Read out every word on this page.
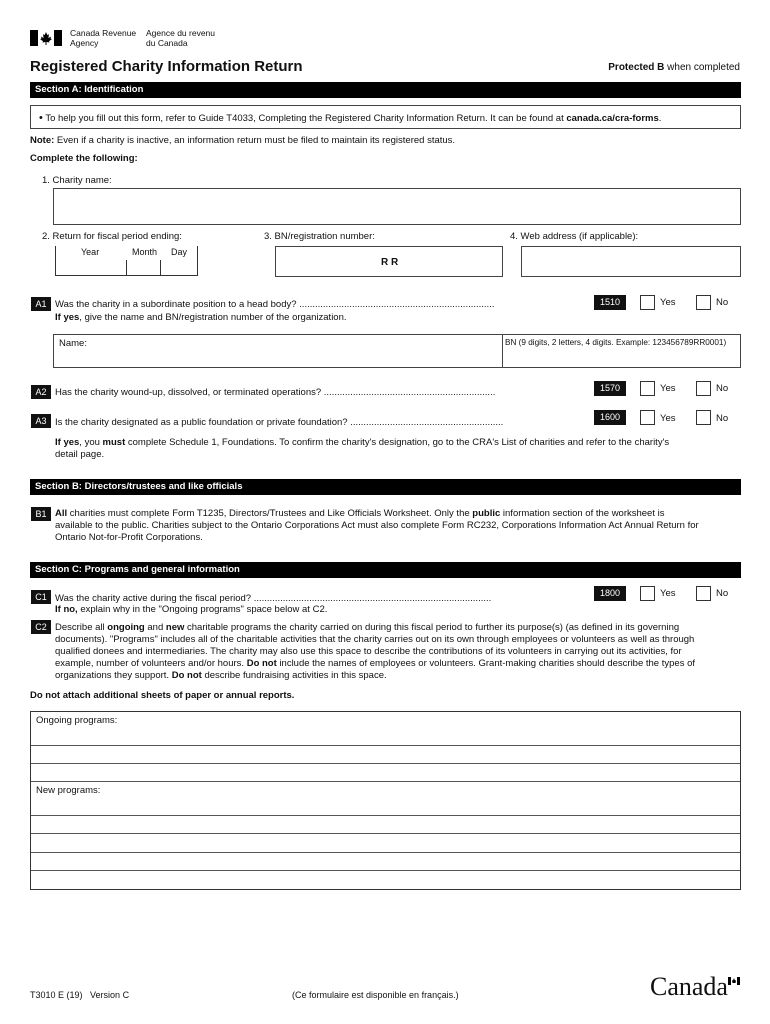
Canada Revenue
Agency
Agence du revenu
du Canada
Registered Charity Information Return	Protected B when completed
Section A: Identification
• To help you fill out this form, refer to Guide T4033, Completing the Registered Charity Information Return. It can be found at canada.ca/cra-forms.
Note: Even if a charity is inactive, an information return must be filed to maintain its registered status.
Complete the following:
1. Charity name:
2. Return for fiscal period ending:
Year	Month Day
3. BN/registration number:
R R
4. Web address (if applicable):
A1 Was the charity in a subordinate position to a head body? ..........................................................................	1510	Yes	No
If yes, give the name and BN/registration number of the organization.
Name:	BN (9 digits, 2 letters, 4 digits. Example: 123456789RR0001)
A2 Has the charity wound-up, dissolved, or terminated operations? .................................................................	1570	Yes	No
A3 Is the charity designated as a public foundation or private foundation? ..........................................................	1600	Yes	No
If yes, you must complete Schedule 1, Foundations. To confirm the charity's designation, go to the CRA's List of charities and refer to the charity's
detail page.
Section B: Directors/trustees and like officials
B1 All charities must complete Form T1235, Directors/Trustees and Like Officials Worksheet. Only the public information section of the worksheet is
available to the public. Charities subject to the Ontario Corporations Act must also complete Form RC232, Corporations Information Act Annual Return for
Ontario Not-for-Profit Corporations.
Section C: Programs and general information
C1 Was the charity active during the fiscal period? ..........................................................................................	1800	Yes	No
If no, explain why in the "Ongoing programs" space below at C2.
C2 Describe all ongoing and new charitable programs the charity carried on during this fiscal period to further its purpose(s) (as defined in its governing
documents). "Programs" includes all of the charitable activities that the charity carries out on its own through employees or volunteers as well as through
qualified donees and intermediaries. The charity may also use this space to describe the contributions of its volunteers in carrying out its activities, for
example, number of volunteers and/or hours. Do not include the names of employees or volunteers. Grant-making charities should describe the types of
organizations they support. Do not describe fundraising activities in this space.
Do not attach additional sheets of paper or annual reports.
Ongoing programs:
New programs:
T3010 E (19) Version C	(Ce formulaire est disponible en français.)	Canada
